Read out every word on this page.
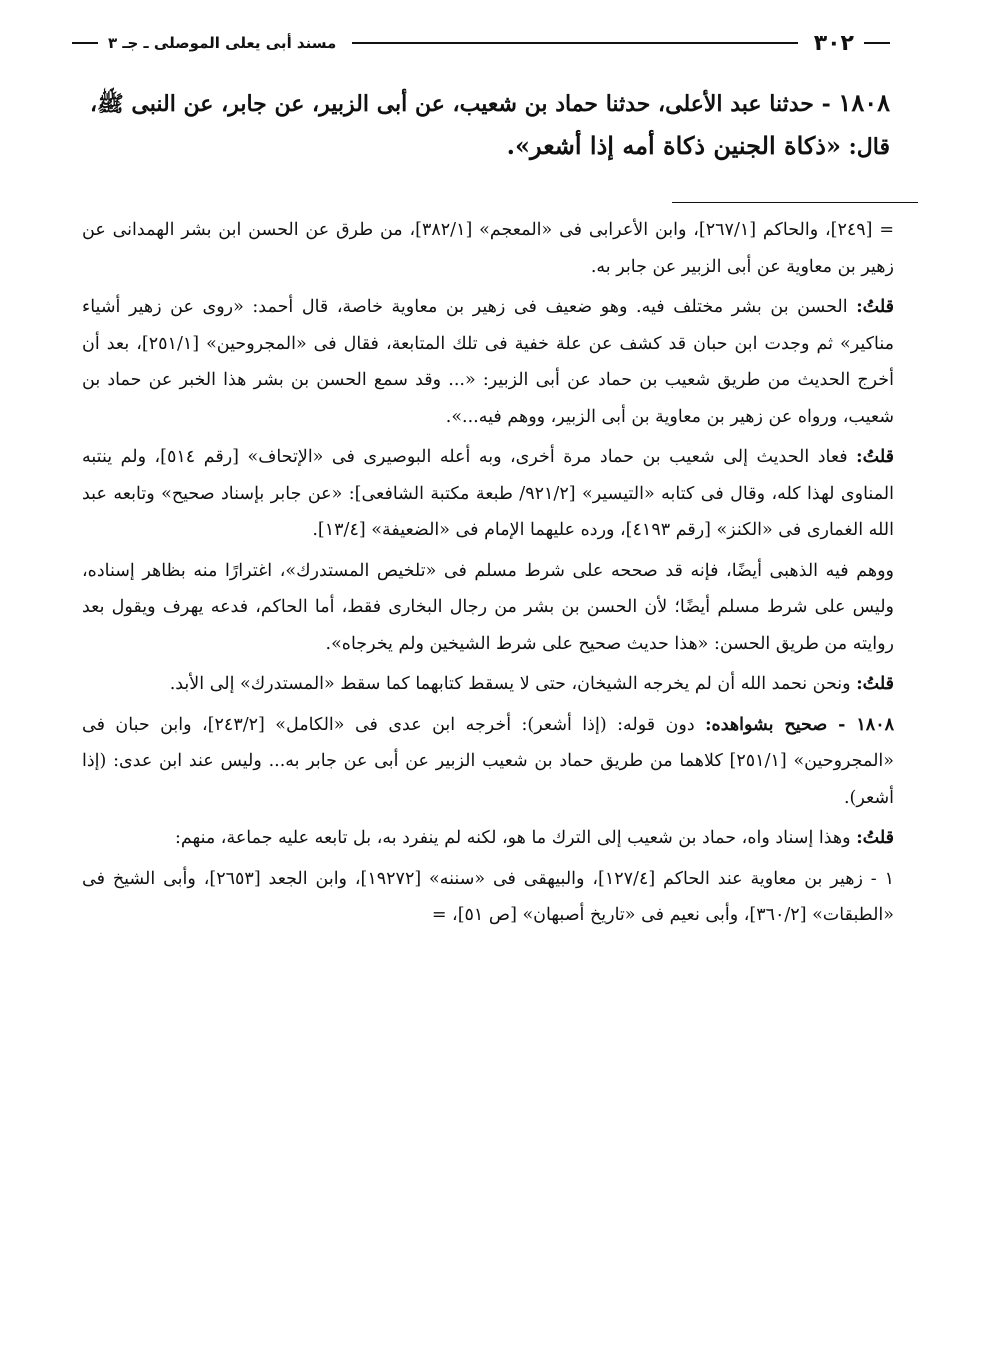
٣٠٢
مسند أبى يعلى الموصلى ـ جـ ٣
١٨٠٨ - حدثنا عبد الأعلى، حدثنا حماد بن شعيب، عن أبى الزبير، عن جابر، عن النبى ﷺ، قال: «ذكاة الجنين ذكاة أمه إذا أشعر».

= [٢٤٩]، والحاكم [٢٦٧/١]، وابن الأعرابى فى «المعجم» [٣٨٢/١]، من طرق عن الحسن ابن بشر الهمدانى عن زهير بن معاوية عن أبى الزبير عن جابر به.

قلتُ: الحسن بن بشر مختلف فيه. وهو ضعيف فى زهير بن معاوية خاصة، قال أحمد: «روى عن زهير أشياء مناكير» ثم وجدت ابن حبان قد كشف عن علة خفية فى تلك المتابعة، فقال فى «المجروحين» [٢٥١/١]، بعد أن أخرج الحديث من طريق شعيب بن حماد عن أبى الزبير: «... وقد سمع الحسن بن بشر هذا الخبر عن حماد بن شعيب، ورواه عن زهير بن معاوية بن أبى الزبير، ووهم فيه...».

قلتُ: فعاد الحديث إلى شعيب بن حماد مرة أخرى، وبه أعله البوصيرى فى «الإتحاف» [رقم ٥١٤]، ولم ينتبه المناوى لهذا كله، وقال فى كتابه «التيسير» [٩٢١/٢/ طبعة مكتبة الشافعى]: «عن جابر بإسناد صحيح» وتابعه عبد الله الغمارى فى «الكنز» [رقم ٤١٩٣]، ورده عليهما الإمام فى «الضعيفة» [١٣/٤].

ووهم فيه الذهبى أيضًا، فإنه قد صححه على شرط مسلم فى «تلخيص المستدرك»، اغترارًا منه بظاهر إسناده، وليس على شرط مسلم أيضًا؛ لأن الحسن بن بشر من رجال البخارى فقط، أما الحاكم، فدعه يهرف ويقول بعد روايته من طريق الحسن: «هذا حديث صحيح على شرط الشيخين ولم يخرجاه».

قلتُ: ونحن نحمد الله أن لم يخرجه الشيخان، حتى لا يسقط كتابهما كما سقط «المستدرك» إلى الأبد.

١٨٠٨ - صحيح بشواهده: دون قوله: (إذا أشعر): أخرجه ابن عدى فى «الكامل» [٢٤٣/٢]، وابن حبان فى «المجروحين» [٢٥١/١] كلاهما من طريق حماد بن شعيب الزبير عن أبى عن جابر به... وليس عند ابن عدى: (إذا أشعر).

قلتُ: وهذا إسناد واه، حماد بن شعيب إلى الترك ما هو، لكنه لم ينفرد به، بل تابعه عليه جماعة، منهم:

١ - زهير بن معاوية عند الحاكم [١٢٧/٤]، والبيهقى فى «سننه» [١٩٢٧٢]، وابن الجعد [٢٦٥٣]، وأبى الشيخ فى «الطبقات» [٣٦٠/٢]، وأبى نعيم فى «تاريخ أصبهان» [ص ٥١]، =
